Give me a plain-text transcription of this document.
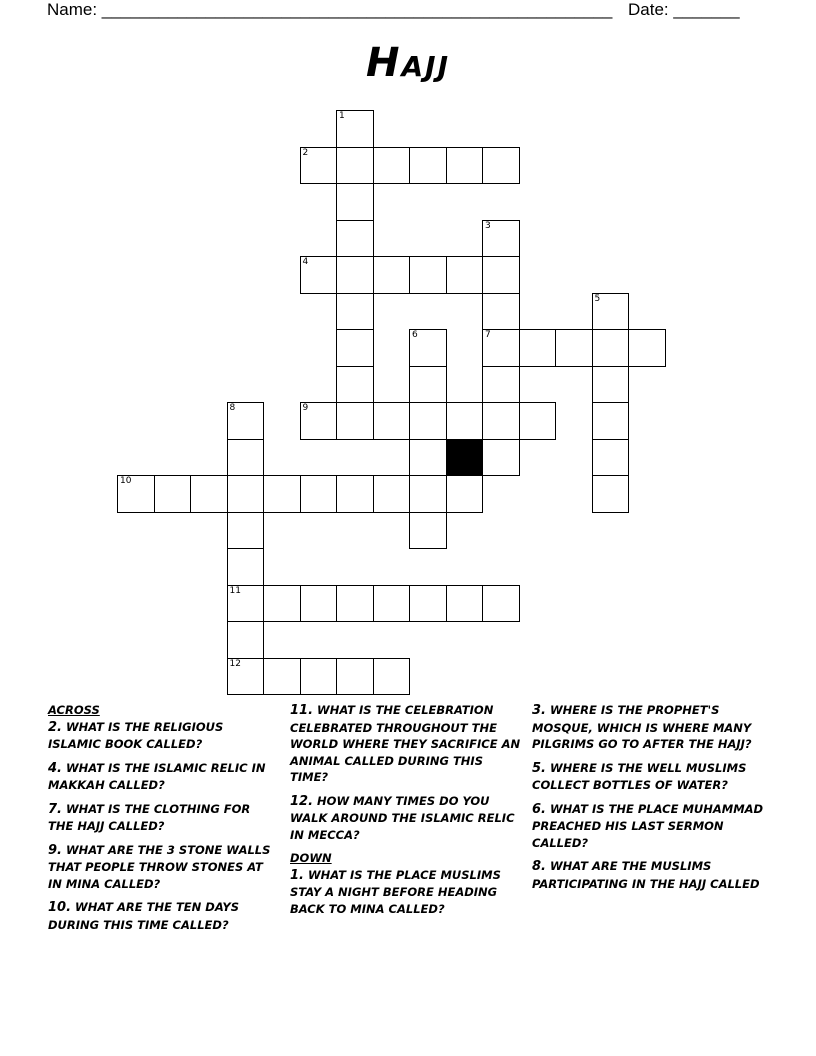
Name: ______________________________________________________ Date: _______
Hajj
1
2
3
4
5
6	7
8	9
10
11
12
ACROSS
2. WHAT IS THE RELIGIOUS ISLAMIC BOOK CALLED?
4. WHAT IS THE ISLAMIC RELIC IN MAKKAH CALLED?
7. WHAT IS THE CLOTHING FOR THE HAJJ CALLED?
9. WHAT ARE THE 3 STONE WALLS THAT PEOPLE THROW STONES AT IN MINA CALLED?
10. WHAT ARE THE TEN DAYS DURING THIS TIME CALLED?
11. WHAT IS THE CELEBRATION CELEBRATED THROUGHOUT THE WORLD WHERE THEY SACRIFICE AN ANIMAL CALLED DURING THIS TIME?
12. HOW MANY TIMES DO YOU WALK AROUND THE ISLAMIC RELIC IN MECCA?
DOWN
1. WHAT IS THE PLACE MUSLIMS STAY A NIGHT BEFORE HEADING BACK TO MINA CALLED?
3. WHERE IS THE PROPHET'S MOSQUE, WHICH IS WHERE MANY PILGRIMS GO TO AFTER THE HAJJ?
5. WHERE IS THE WELL MUSLIMS COLLECT BOTTLES OF WATER?
6. WHAT IS THE PLACE MUHAMMAD PREACHED HIS LAST SERMON CALLED?
8. WHAT ARE THE MUSLIMS PARTICIPATING IN THE HAJJ CALLED
